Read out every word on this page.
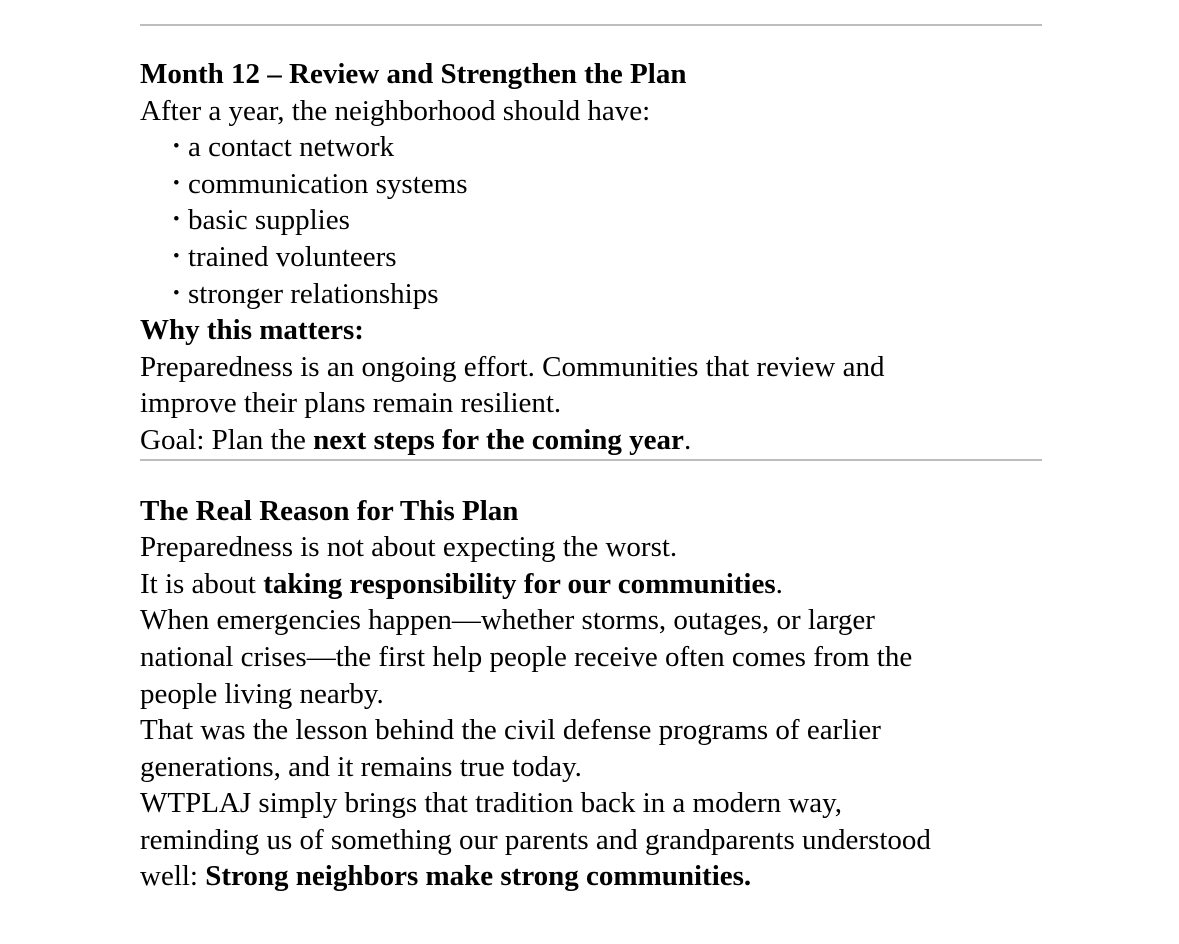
Month 12 – Review and Strengthen the Plan
After a year, the neighborhood should have:
• a contact network
• communication systems
• basic supplies
• trained volunteers
• stronger relationships
Why this matters:
Preparedness is an ongoing effort. Communities that review and
improve their plans remain resilient.
Goal: Plan the next steps for the coming year.
The Real Reason for This Plan
Preparedness is not about expecting the worst.
It is about taking responsibility for our communities.
When emergencies happen—whether storms, outages, or larger
national crises—the first help people receive often comes from the
people living nearby.
That was the lesson behind the civil defense programs of earlier
generations, and it remains true today.
WTPLAJ simply brings that tradition back in a modern way,
reminding us of something our parents and grandparents understood
well: Strong neighbors make strong communities.
